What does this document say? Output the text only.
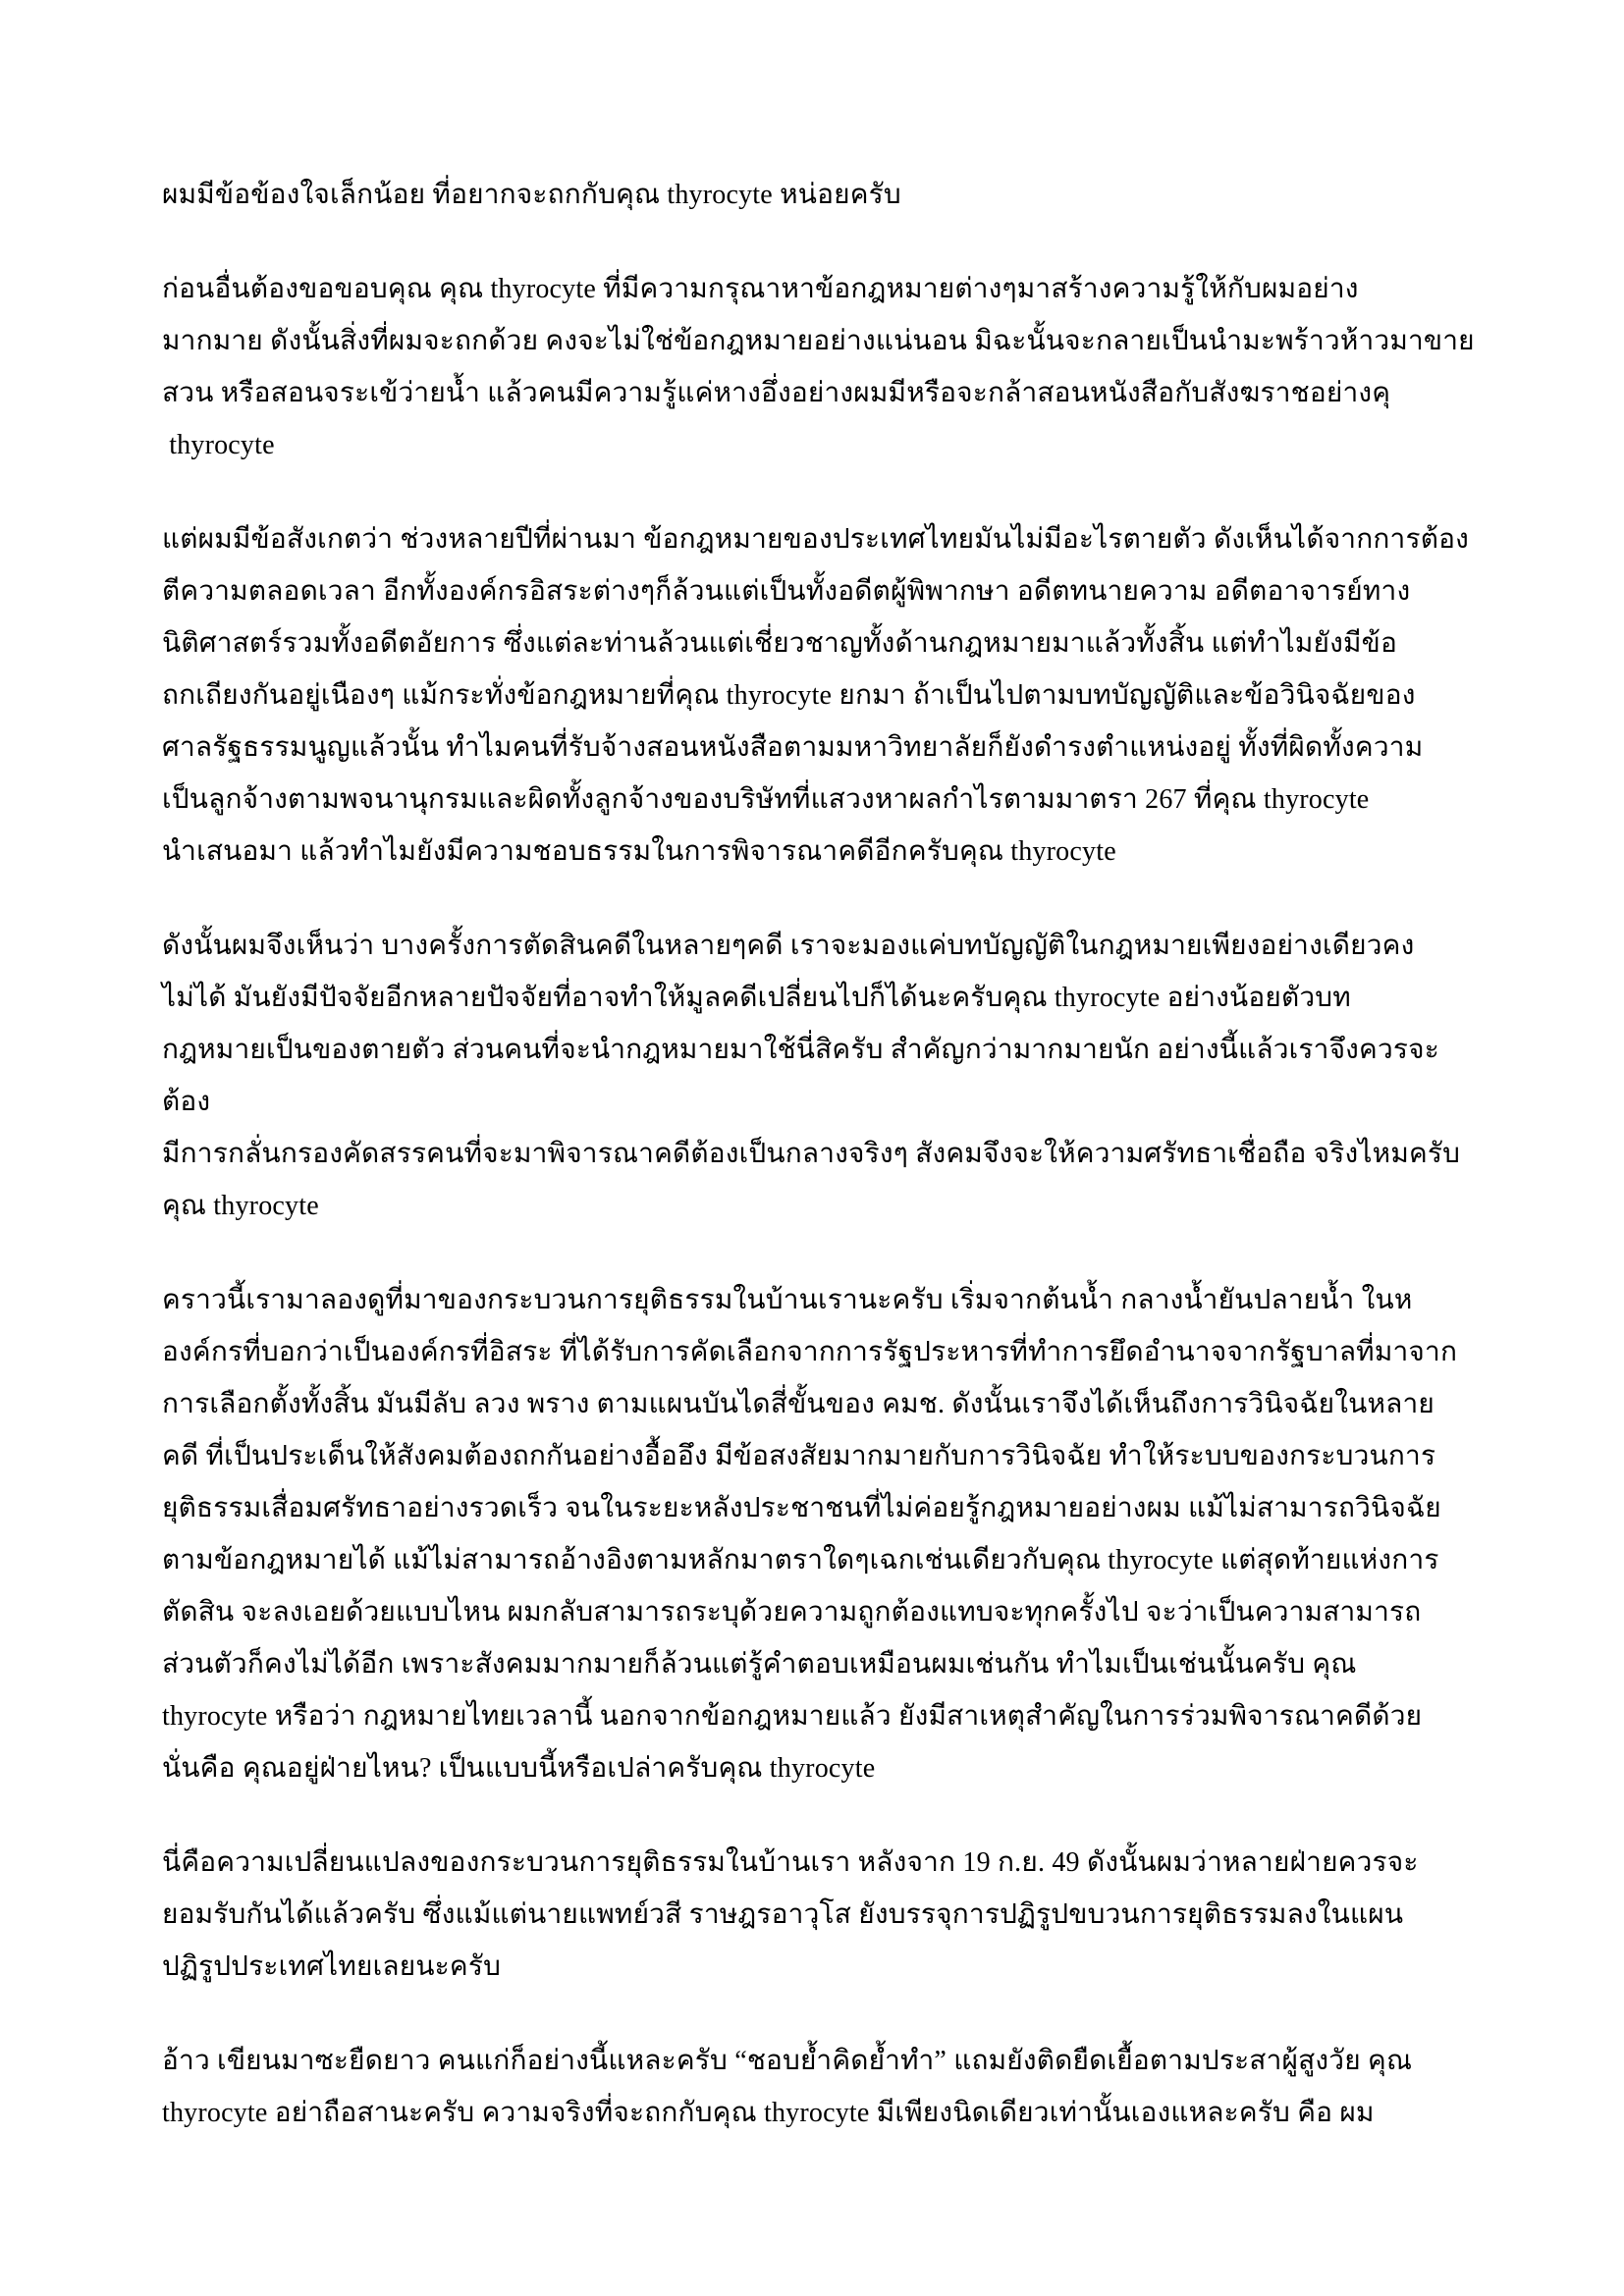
ผมมีข้อข้องใจเล็กน้อย ที่อยากจะถกกับคุณ thyrocyte หน่อยครับ
ก่อนอื่นต้องขอขอบคุณ คุณ thyrocyte ที่มีความกรุณาหาข้อกฎหมายต่างๆมาสร้างความรู้ให้กับผมอย่าง
มากมาย ดังนั้นสิ่งที่ผมจะถกด้วย คงจะไม่ใช่ข้อกฎหมายอย่างแน่นอน มิฉะนั้นจะกลายเป็นนำมะพร้าวห้าวมาขาย
สวน หรือสอนจระเข้ว่ายน้ำ แล้วคนมีความรู้แค่หางอึ่งอย่างผมมีหรือจะกล้าสอนหนังสือกับสังฆราชอย่างคุ
thyrocyte
แต่ผมมีข้อสังเกตว่า ช่วงหลายปีที่ผ่านมา ข้อกฎหมายของประเทศไทยมันไม่มีอะไรตายตัว ดังเห็นได้จากการต้อง
ตีความตลอดเวลา อีกทั้งองค์กรอิสระต่างๆก็ล้วนแต่เป็นทั้งอดีตผู้พิพากษา อดีตทนายความ อดีตอาจารย์ทาง
นิติศาสตร์รวมทั้งอดีตอัยการ ซึ่งแต่ละท่านล้วนแต่เชี่ยวชาญทั้งด้านกฎหมายมาแล้วทั้งสิ้น แต่ทำไมยังมีข้อ
ถกเถียงกันอยู่เนืองๆ แม้กระทั่งข้อกฎหมายที่คุณ thyrocyte ยกมา ถ้าเป็นไปตามบทบัญญัติและข้อวินิจฉัยของ
ศาลรัฐธรรมนูญแล้วนั้น ทำไมคนที่รับจ้างสอนหนังสือตามมหาวิทยาลัยก็ยังดำรงตำแหน่งอยู่ ทั้งที่ผิดทั้งความ
เป็นลูกจ้างตามพจนานุกรมและผิดทั้งลูกจ้างของบริษัทที่แสวงหาผลกำไรตามมาตรา 267 ที่คุณ thyrocyte
นำเสนอมา แล้วทำไมยังมีความชอบธรรมในการพิจารณาคดีอีกครับคุณ thyrocyte
ดังนั้นผมจึงเห็นว่า บางครั้งการตัดสินคดีในหลายๆคดี เราจะมองแค่บทบัญญัติในกฎหมายเพียงอย่างเดียวคง
ไม่ได้ มันยังมีปัจจัยอีกหลายปัจจัยที่อาจทำให้มูลคดีเปลี่ยนไปก็ได้นะครับคุณ thyrocyte อย่างน้อยตัวบท
กฎหมายเป็นของตายตัว ส่วนคนที่จะนำกฎหมายมาใช้นี่สิครับ สำคัญกว่ามากมายนัก อย่างนี้แล้วเราจึงควรจะต้อง
มีการกลั่นกรองคัดสรรคนที่จะมาพิจารณาคดีต้องเป็นกลางจริงๆ สังคมจึงจะให้ความศรัทธาเชื่อถือ จริงไหมครับ
คุณ thyrocyte
คราวนี้เรามาลองดูที่มาของกระบวนการยุติธรรมในบ้านเรานะครับ เริ่มจากต้นน้ำ กลางน้ำยันปลายน้ำ ในห
องค์กรที่บอกว่าเป็นองค์กรที่อิสระ ที่ได้รับการคัดเลือกจากการรัฐประหารที่ทำการยึดอำนาจจากรัฐบาลที่มาจาก
การเลือกตั้งทั้งสิ้น มันมีลับ ลวง พราง ตามแผนบันไดสี่ขั้นของ คมช. ดังนั้นเราจึงได้เห็นถึงการวินิจฉัยในหลาย
คดี ที่เป็นประเด็นให้สังคมต้องถกกันอย่างอื้ออึง มีข้อสงสัยมากมายกับการวินิจฉัย ทำให้ระบบของกระบวนการ
ยุติธรรมเสื่อมศรัทธาอย่างรวดเร็ว จนในระยะหลังประชาชนที่ไม่ค่อยรู้กฎหมายอย่างผม แม้ไม่สามารถวินิจฉัย
ตามข้อกฎหมายได้ แม้ไม่สามารถอ้างอิงตามหลักมาตราใดๆเฉกเช่นเดียวกับคุณ thyrocyte แต่สุดท้ายแห่งการ
ตัดสิน จะลงเอยด้วยแบบไหน ผมกลับสามารถระบุด้วยความถูกต้องแทบจะทุกครั้งไป จะว่าเป็นความสามารถ
ส่วนตัวก็คงไม่ได้อีก เพราะสังคมมากมายก็ล้วนแต่รู้คำตอบเหมือนผมเช่นกัน ทำไมเป็นเช่นนั้นครับ คุณ
thyrocyte หรือว่า กฎหมายไทยเวลานี้ นอกจากข้อกฎหมายแล้ว ยังมีสาเหตุสำคัญในการร่วมพิจารณาคดีด้วย
นั่นคือ คุณอยู่ฝ่ายไหน? เป็นแบบนี้หรือเปล่าครับคุณ thyrocyte
นี่คือความเปลี่ยนแปลงของกระบวนการยุติธรรมในบ้านเรา หลังจาก 19 ก.ย. 49 ดังนั้นผมว่าหลายฝ่ายควรจะ
ยอมรับกันได้แล้วครับ ซึ่งแม้แต่นายแพทย์วสี ราษฎรอาวุโส ยังบรรจุการปฏิรูปขบวนการยุติธรรมลงในแผน
ปฏิรูปประเทศไทยเลยนะครับ
อ้าว เขียนมาซะยืดยาว คนแก่ก็อย่างนี้แหละครับ “ชอบย้ำคิดย้ำทำ” แถมยังติดยืดเยื้อตามประสาผู้สูงวัย คุณ
thyrocyte อย่าถือสานะครับ ความจริงที่จะถกกับคุณ thyrocyte มีเพียงนิดเดียวเท่านั้นเองแหละครับ คือ ผม
